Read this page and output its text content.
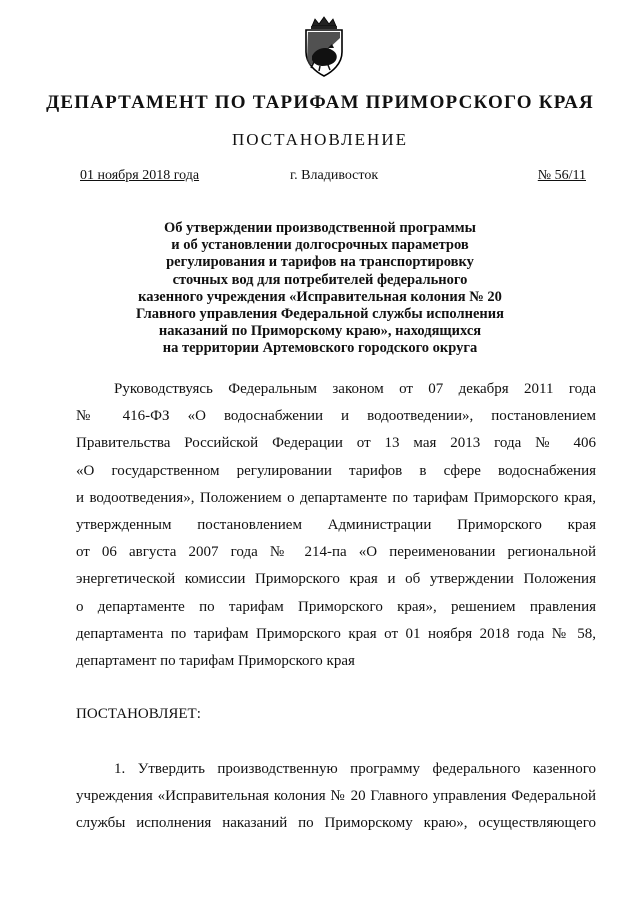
ДЕПАРТАМЕНТ ПО ТАРИФАМ ПРИМОРСКОГО КРАЯ
ПОСТАНОВЛЕНИЕ
01 ноября 2018 года	г. Владивосток	№ 56/11
Об утверждении производственной программы
и об установлении долгосрочных параметров
регулирования и тарифов на транспортировку
сточных вод для потребителей федерального
казенного учреждения «Исправительная колония № 20
Главного управления Федеральной службы исполнения
наказаний по Приморскому краю», находящихся
на территории Артемовского городского округа
Руководствуясь Федеральным законом от 07 декабря 2011 года
№ 416-ФЗ «О водоснабжении и водоотведении», постановлением
Правительства Российской Федерации от 13 мая 2013 года № 406
«О государственном регулировании тарифов в сфере водоснабжения
и водоотведения», Положением о департаменте по тарифам Приморского края,
утвержденным постановлением Администрации Приморского края
от 06 августа 2007 года № 214-па «О переименовании региональной
энергетической комиссии Приморского края и об утверждении Положения
о департаменте по тарифам Приморского края», решением правления
департамента по тарифам Приморского края от 01 ноября 2018 года № 58,
департамент по тарифам Приморского края
ПОСТАНОВЛЯЕТ:
1. Утвердить производственную программу федерального казенного
учреждения «Исправительная колония № 20 Главного управления Федеральной
службы исполнения наказаний по Приморскому краю», осуществляющего
